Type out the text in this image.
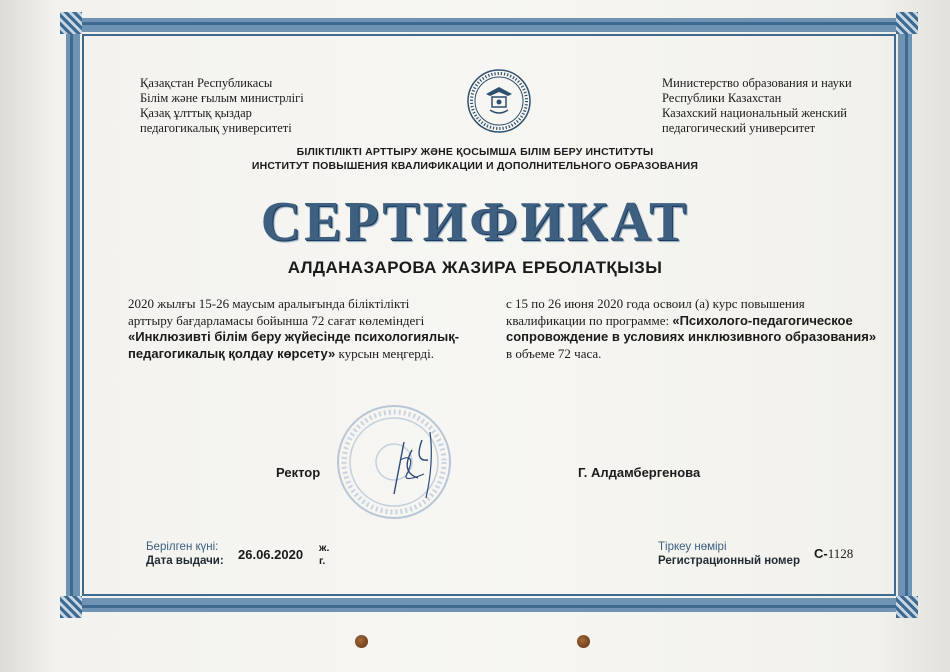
Қазақстан Республикасы
Білім және ғылым министрлігі
Қазақ ұлттық қыздар
педагогикалық университеті
Министерство образования и науки
Республики Казахстан
Казахский национальный женский
педагогический университет
БІЛІКТІЛІКТІ АРТТЫРУ ЖӘНЕ ҚОСЫМША БІЛІМ БЕРУ ИНСТИТУТЫ
ИНСТИТУТ ПОВЫШЕНИЯ КВАЛИФИКАЦИИ И ДОПОЛНИТЕЛЬНОГО ОБРАЗОВАНИЯ
СЕРТИФИКАТ
АЛДАНАЗАРОВА ЖАЗИРА ЕРБОЛАТҚЫЗЫ
2020 жылғы 15-26 маусым аралығында біліктілікті
арттыру бағдарламасы бойынша 72 сағат көлеміндегі
«Инклюзивті білім беру жүйесінде психологиялық-
педагогикалық қолдау көрсету» курсын меңгерді.
с 15 по 26 июня 2020 года освоил (а) курс повышения
квалификации по программе: «Психолого-педагогическое
сопровождение в условиях инклюзивного образования»
в объеме 72 часа.
Ректор	Г. Алдамбергенова
Берілген күні:
Дата выдачи: 26.06.2020 ж.
г.
Тіркеу нөмірі
Регистрационный номер С-1128
